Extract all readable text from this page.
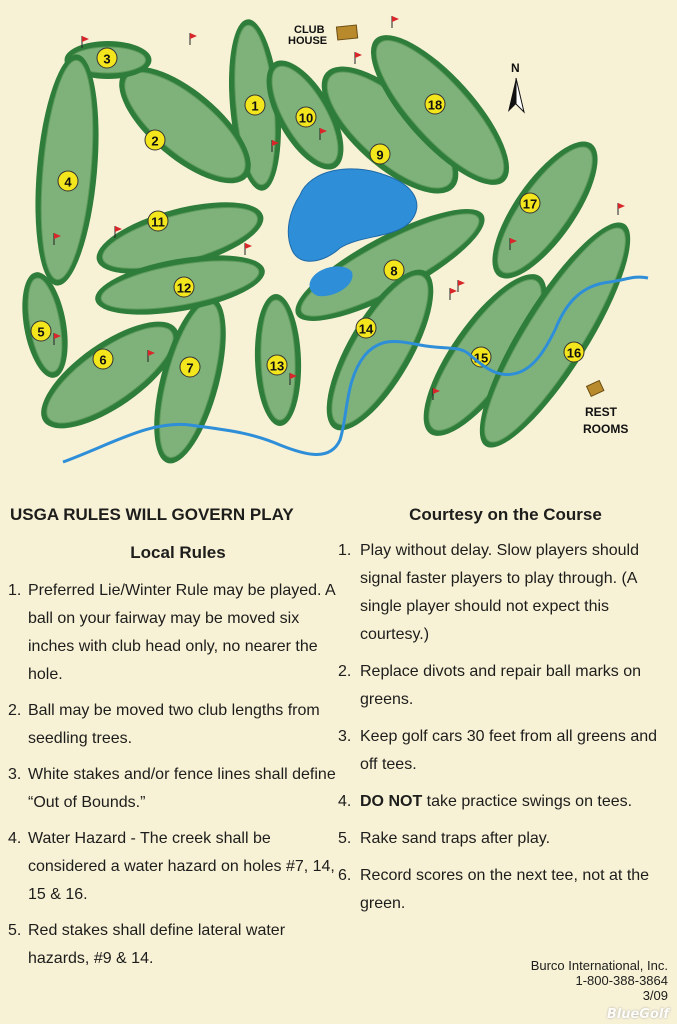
1
2
3
4
5
6
7
8
9
10
11
12
13
14
15	16
17
18
CLUB
HOUSE
REST
ROOMS
N
USGA RULES WILL GOVERN PLAY
Local Rules
1. Preferred Lie/Winter Rule may be played. A ball on your fairway may be moved six inches with club head only, no nearer the hole.
2. Ball may be moved two club lengths from seedling trees.
3. White stakes and/or fence lines shall define “Out of Bounds.”
4. Water Hazard - The creek shall be considered a water hazard on holes #7, 14, 15 & 16.
5. Red stakes shall define lateral water hazards, #9 & 14.
Courtesy on the Course
1. Play without delay. Slow players should signal faster players to play through. (A single player should not expect this courtesy.)
2. Replace divots and repair ball marks on greens.
3. Keep golf cars 30 feet from all greens and off tees.
4. DO NOT take practice swings on tees.
5. Rake sand traps after play.
6. Record scores on the next tee, not at the green.
Burco International, Inc.
1-800-388-3864
3/09
BlueGolf
